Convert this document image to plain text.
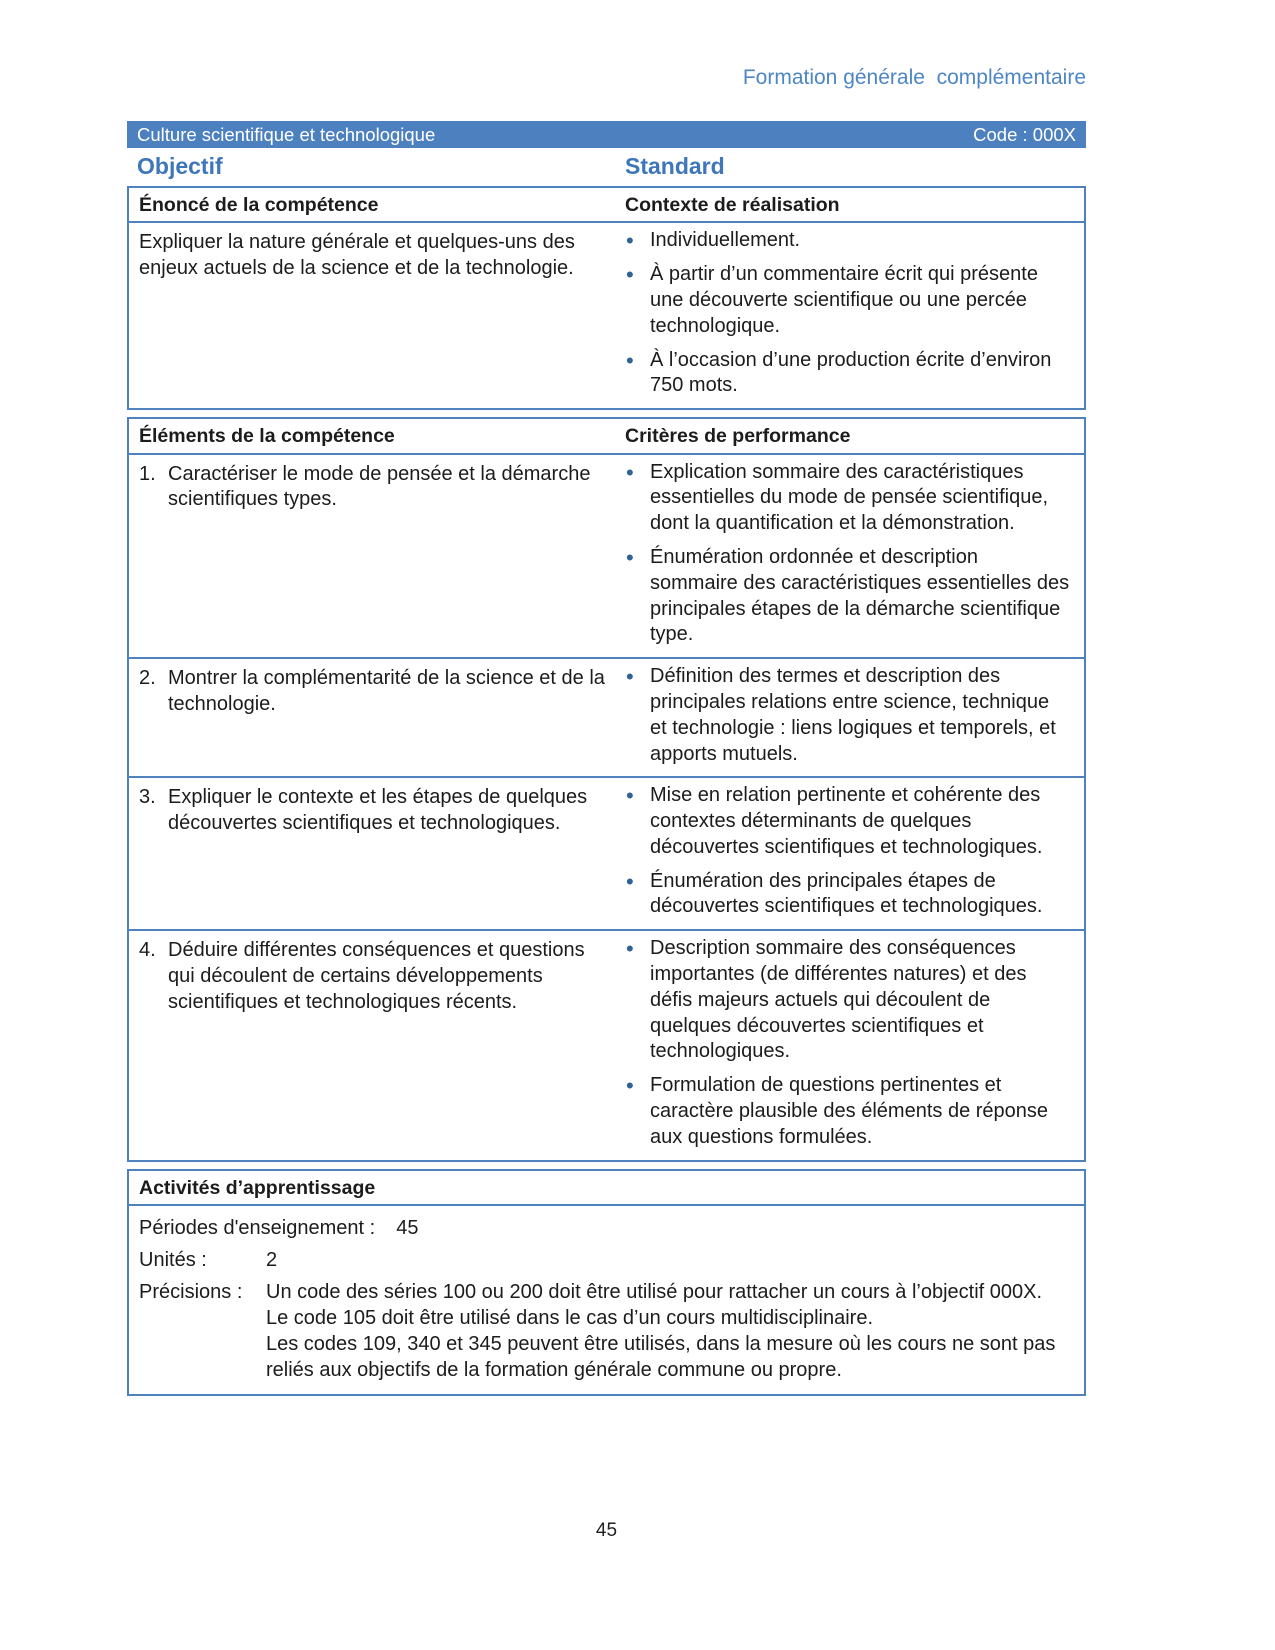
Formation générale  complémentaire
Culture scientifique et technologique	Code : 000X
Objectif	Standard
Énoncé de la compétence	Contexte de réalisation
Expliquer la nature générale et quelques-uns des enjeux actuels de la science et de la technologie.
• Individuellement.
• À partir d’un commentaire écrit qui présente une découverte scientifique ou une percée technologique.
• À l’occasion d’une production écrite d’environ 750 mots.
Éléments de la compétence	Critères de performance
1. Caractériser le mode de pensée et la démarche scientifiques types.
• Explication sommaire des caractéristiques essentielles du mode de pensée scientifique, dont la quantification et la démonstration.
• Énumération ordonnée et description sommaire des caractéristiques essentielles des principales étapes de la démarche scientifique type.
2. Montrer la complémentarité de la science et de la technologie.
• Définition des termes et description des principales relations entre science, technique et technologie : liens logiques et temporels, et apports mutuels.
3. Expliquer le contexte et les étapes de quelques découvertes scientifiques et technologiques.
• Mise en relation pertinente et cohérente des contextes déterminants de quelques découvertes scientifiques et technologiques.
• Énumération des principales étapes de découvertes scientifiques et technologiques.
4. Déduire différentes conséquences et questions qui découlent de certains développements scientifiques et technologiques récents.
• Description sommaire des conséquences importantes (de différentes natures) et des défis majeurs actuels qui découlent de quelques découvertes scientifiques et technologiques.
• Formulation de questions pertinentes et caractère plausible des éléments de réponse aux questions formulées.
Activités d’apprentissage
Périodes d'enseignement : 45
Unités :	2
Précisions :	Un code des séries 100 ou 200 doit être utilisé pour rattacher un cours à l’objectif 000X.
Le code 105 doit être utilisé dans le cas d’un cours multidisciplinaire.
Les codes 109, 340 et 345 peuvent être utilisés, dans la mesure où les cours ne sont pas reliés aux objectifs de la formation générale commune ou propre.
45
